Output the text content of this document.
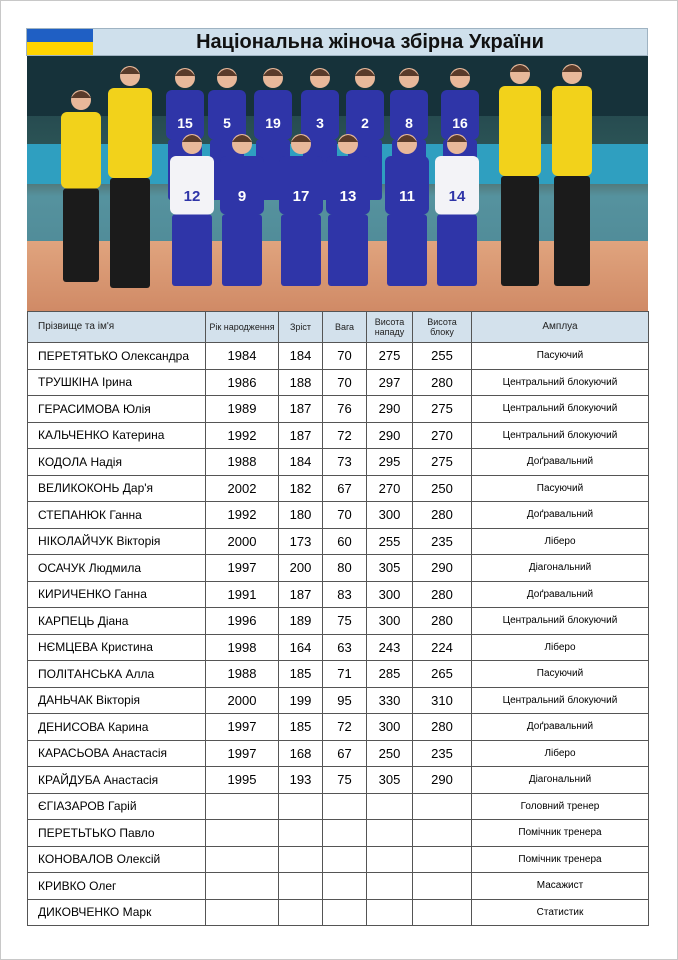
Національна жіноча збірна України
15 5 19	3	2	8	16
12 9	17 13	11 14
Прізвище та ім'я	Рік народження	Зріст	Вага	Висота нападу	Висота блоку	Амплуа
ПЕРЕТЯТЬКО Олександра	1984	184	70	275	255	Пасуючий
ТРУШКІНА Ірина	1986	188	70	297	280	Центральний блокуючий
ГЕРАСИМОВА Юлія	1989	187	76	290	275	Центральний блокуючий
КАЛЬЧЕНКО Катерина	1992	187	72	290	270	Центральний блокуючий
КОДОЛА Надія	1988	184	73	295	275	Доґравальний
ВЕЛИКОКОНЬ Дар'я	2002	182	67	270	250	Пасуючий
СТЕПАНЮК Ганна	1992	180	70	300	280	Доґравальний
НІКОЛАЙЧУК Вікторія	2000	173	60	255	235	Ліберо
ОСАЧУК Людмила	1997	200	80	305	290	Діагональний
КИРИЧЕНКО Ганна	1991	187	83	300	280	Доґравальний
КАРПЕЦЬ Діана	1996	189	75	300	280	Центральний блокуючий
НЄМЦЕВА Кристина	1998	164	63	243	224	Ліберо
ПОЛІТАНСЬКА Алла	1988	185	71	285	265	Пасуючий
ДАНЬЧАК Вікторія	2000	199	95	330	310	Центральний блокуючий
ДЕНИСОВА Карина	1997	185	72	300	280	Доґравальний
КАРАСЬОВА Анастасія	1997	168	67	250	235	Ліберо
КРАЙДУБА Анастасія	1995	193	75	305	290	Діагональний
ЄГІАЗАРОВ Гарій						Головний тренер
ПЕРЕТЬТЬКО Павло						Помічник тренера
КОНОВАЛОВ Олексій						Помічник тренера
КРИВКО Олег						Масажист
ДИКОВЧЕНКО Марк						Статистик
